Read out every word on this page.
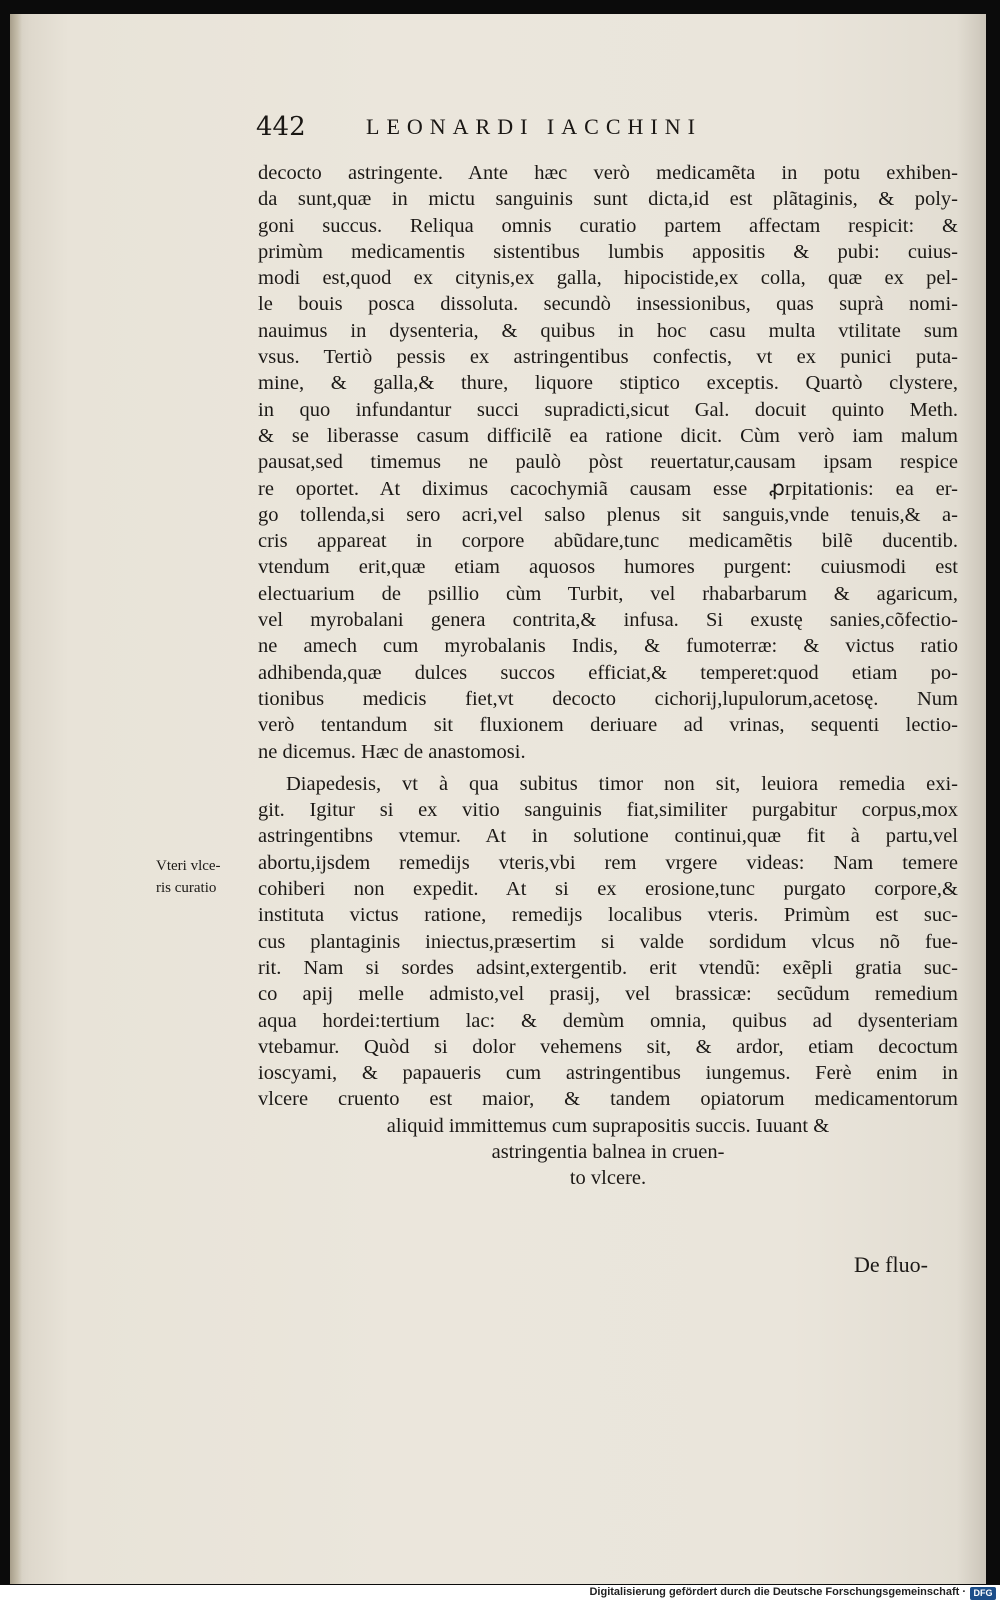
442	LEONARDI IACCHINI
decocto astringente. Ante hæc verò medicamẽta in potu exhiben-
da sunt,quæ in mictu sanguinis sunt dicta,id est plãtaginis, & poly-
goni succus. Reliqua omnis curatio partem affectam respicit: &
primùm medicamentis sistentibus lumbis appositis & pubi: cuius-
modi est,quod ex citynis,ex galla, hipocistide,ex colla, quæ ex pel-
le bouis posca dissoluta. secundò insessionibus, quas suprà nomi-
nauimus in dysenteria, & quibus in hoc casu multa vtilitate sum
vsus. Tertiò pessis ex astringentibus confectis, vt ex punici puta-
mine, & galla,& thure, liquore stiptico exceptis. Quartò clystere,
in quo infundantur succi supradicti,sicut Gal. docuit quinto Meth.
& se liberasse casum difficilẽ ea ratione dicit. Cùm verò iam malum
pausat,sed timemus ne paulò pòst reuertatur,causam ipsam respice
re oportet. At diximus cacochymiã causam esse ꝓrpitationis: ea er-
go tollenda,si sero acri,vel salso plenus sit sanguis,vnde tenuis,& a-
cris appareat in corpore abũdare,tunc medicamẽtis bilẽ ducentib.
vtendum erit,quæ etiam aquosos humores purgent: cuiusmodi est
electuarium de psillio cùm Turbit, vel rhabarbarum & agaricum,
vel myrobalani genera contrita,& infusa. Si exustę sanies,cõfectio-
ne amech cum myrobalanis Indis, & fumoterræ: & victus ratio
adhibenda,quæ dulces succos efficiat,& temperet:quod etiam po-
tionibus medicis fiet,vt decocto cichorij,lupulorum,acetosę. Num
verò tentandum sit fluxionem deriuare ad vrinas, sequenti lectio-
ne dicemus. Hæc de anastomosi.
Diapedesis, vt à qua subitus timor non sit, leuiora remedia exi-
git. Igitur si ex vitio sanguinis fiat,similiter purgabitur corpus,mox
astringentibns vtemur. At in solutione continui,quæ fit à partu,vel
abortu,ijsdem remedijs vteris,vbi rem vrgere videas: Nam temere
cohiberi non expedit. At si ex erosione,tunc purgato corpore,&
instituta victus ratione, remedijs localibus vteris. Primùm est suc-
cus plantaginis iniectus,præsertim si valde sordidum vlcus nõ fue-
rit. Nam si sordes adsint,extergentib. erit vtendũ: exẽpli gratia suc-
co apij melle admisto,vel prasij, vel brassicæ: secũdum remedium
aqua hordei:tertium lac: & demùm omnia, quibus ad dysenteriam
vtebamur. Quòd si dolor vehemens sit, & ardor, etiam decoctum
ioscyami, & papaueris cum astringentibus iungemus. Ferè enim in
vlcere cruento est maior, & tandem opiatorum medicamentorum
aliquid immittemus cum suprapositis succis. Iuuant &
astringentia balnea in cruen-
to vlcere.
Vteri vlce-
ris curatio
De fluo-
Digitalisierung gefördert durch die Deutsche Forschungsgemeinschaft · DFG
